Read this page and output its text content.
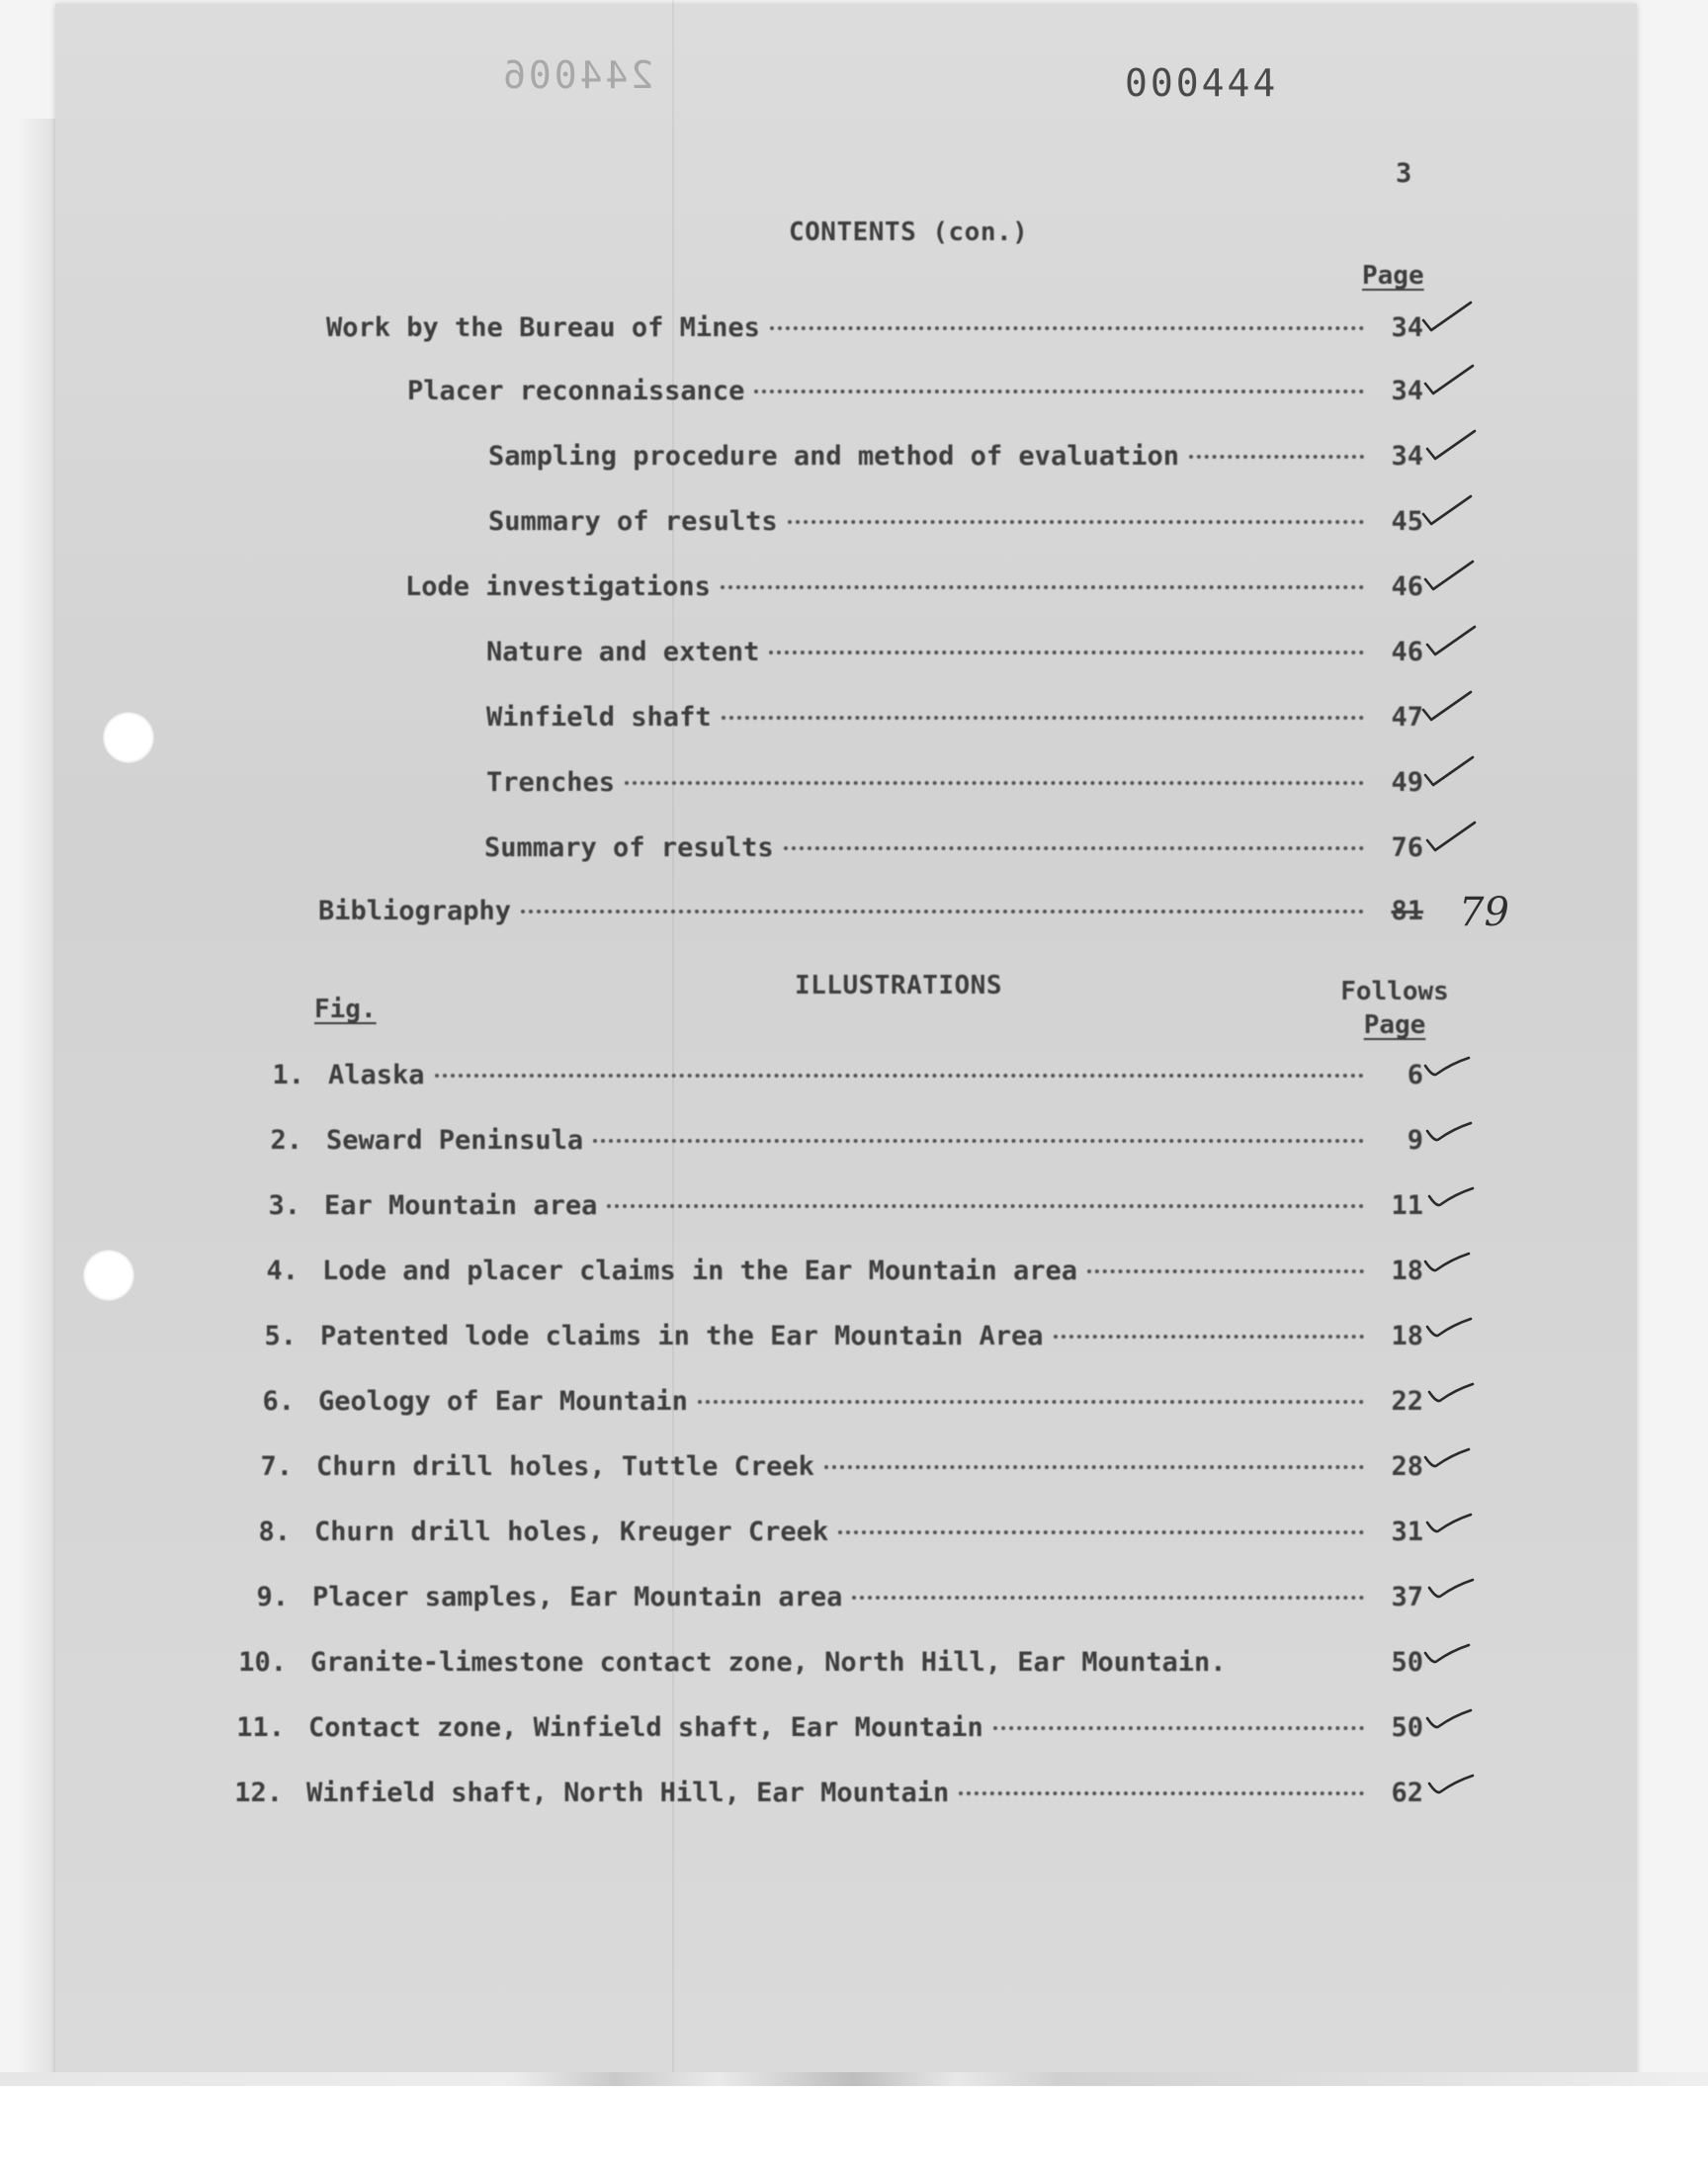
244006	000444
3
CONTENTS (con.)
Page
Work by the Bureau of Mines	34
Placer reconnaissance	34
Sampling procedure and method of evaluation	34
Summary of results	45
Lode investigations	46
Nature and extent	46
Winfield shaft	47
Trenches	49
Summary of results	76
Bibliography	81
ILLUSTRATIONS
Fig.
Follows
Page
1. Alaska	6
2. Seward Peninsula	9
3. Ear Mountain area	11
4. Lode and placer claims in the Ear Mountain area	18
5. Patented lode claims in the Ear Mountain Area	18
6. Geology of Ear Mountain	22
7. Churn drill holes, Tuttle Creek	28
8. Churn drill holes, Kreuger Creek	31
9. Placer samples, Ear Mountain area	37
10. Granite-limestone contact zone, North Hill, Ear Mountain.	50
11. Contact zone, Winfield shaft, Ear Mountain	50
12. Winfield shaft, North Hill, Ear Mountain	62
79
